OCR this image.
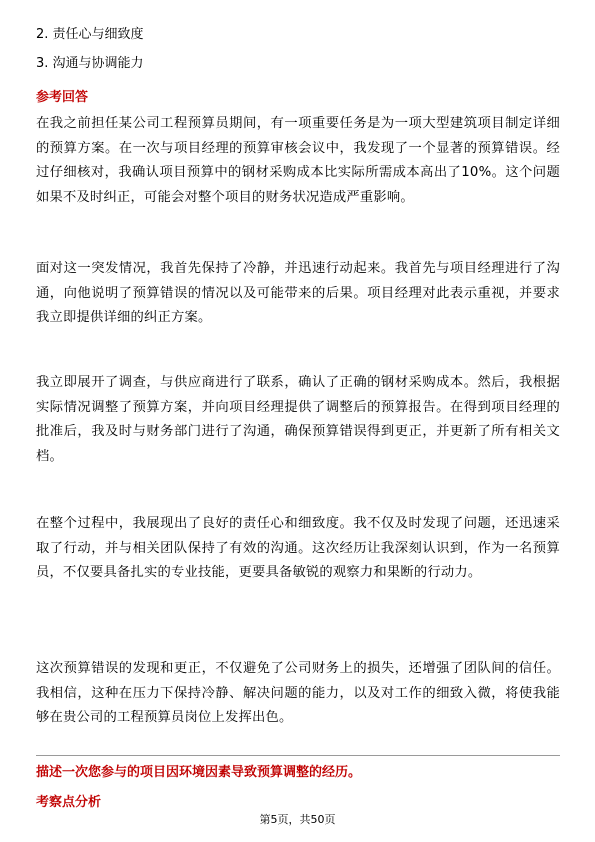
2. 责任心与细致度
3. 沟通与协调能力
参考回答
在我之前担任某公司工程预算员期间，有一项重要任务是为一项大型建筑项目制定详细的预算方案。在一次与项目经理的预算审核会议中，我发现了一个显著的预算错误。经过仔细核对，我确认项目预算中的钢材采购成本比实际所需成本高出了10%。这个问题如果不及时纠正，可能会对整个项目的财务状况造成严重影响。
面对这一突发情况，我首先保持了冷静，并迅速行动起来。我首先与项目经理进行了沟通，向他说明了预算错误的情况以及可能带来的后果。项目经理对此表示重视，并要求我立即提供详细的纠正方案。
我立即展开了调查，与供应商进行了联系，确认了正确的钢材采购成本。然后，我根据实际情况调整了预算方案，并向项目经理提供了调整后的预算报告。在得到项目经理的批准后，我及时与财务部门进行了沟通，确保预算错误得到更正，并更新了所有相关文档。
在整个过程中，我展现出了良好的责任心和细致度。我不仅及时发现了问题，还迅速采取了行动，并与相关团队保持了有效的沟通。这次经历让我深刻认识到，作为一名预算员，不仅要具备扎实的专业技能，更要具备敏锐的观察力和果断的行动力。
这次预算错误的发现和更正，不仅避免了公司财务上的损失，还增强了团队间的信任。我相信，这种在压力下保持冷静、解决问题的能力，以及对工作的细致入微，将使我能够在贵公司的工程预算员岗位上发挥出色。
描述一次您参与的项目因环境因素导致预算调整的经历。
考察点分析
第5页，共50页
